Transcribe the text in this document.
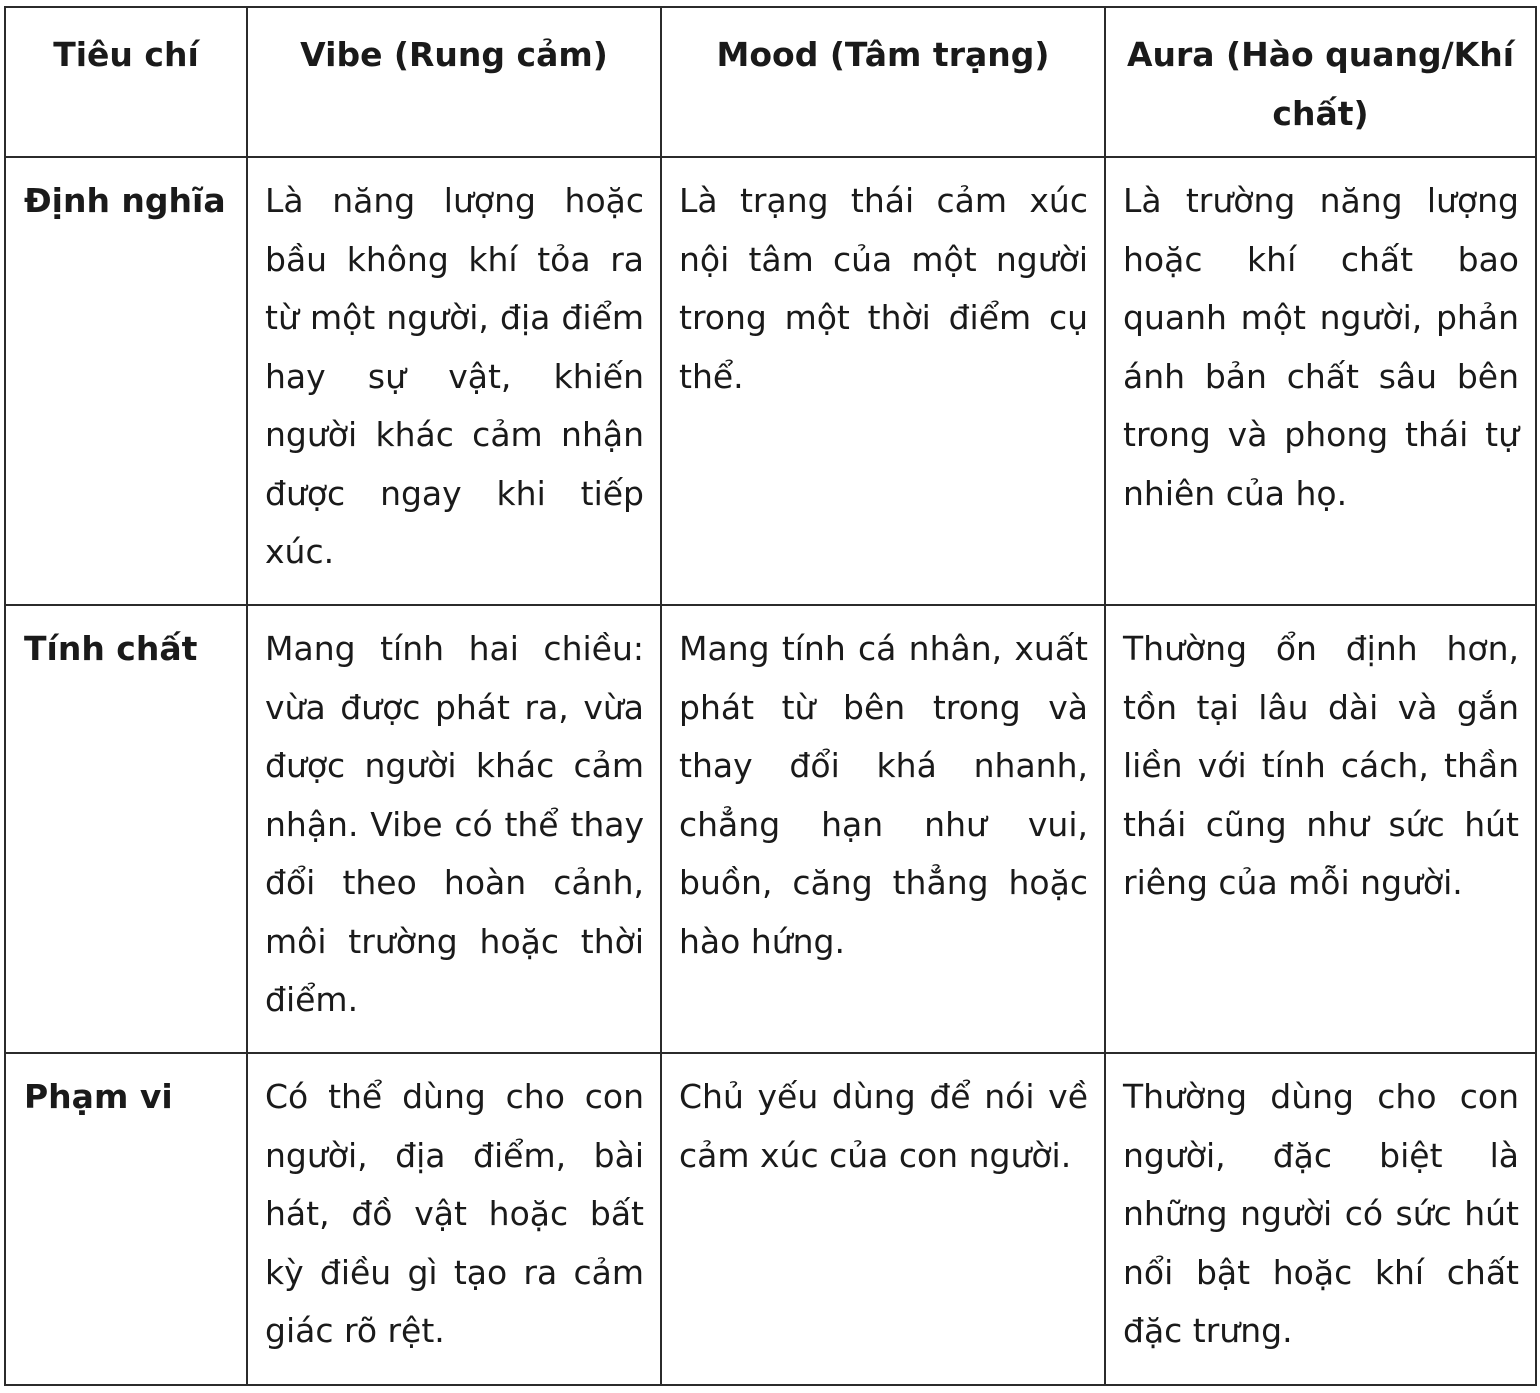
Tiêu chí	Vibe (Rung cảm)	Mood (Tâm trạng)	Aura (Hào quang/Khí chất)
Định nghĩa	Là năng lượng hoặc bầu không khí tỏa ra từ một người, địa điểm hay sự vật, khiến người khác cảm nhận được ngay khi tiếp xúc.	Là trạng thái cảm xúc nội tâm của một người trong một thời điểm cụ thể.	Là trường năng lượng hoặc khí chất bao quanh một người, phản ánh bản chất sâu bên trong và phong thái tự nhiên của họ.
Tính chất	Mang tính hai chiều: vừa được phát ra, vừa được người khác cảm nhận. Vibe có thể thay đổi theo hoàn cảnh, môi trường hoặc thời điểm.	Mang tính cá nhân, xuất phát từ bên trong và thay đổi khá nhanh, chẳng hạn như vui, buồn, căng thẳng hoặc hào hứng.	Thường ổn định hơn, tồn tại lâu dài và gắn liền với tính cách, thần thái cũng như sức hút riêng của mỗi người.
Phạm vi	Có thể dùng cho con người, địa điểm, bài hát, đồ vật hoặc bất kỳ điều gì tạo ra cảm giác rõ rệt.	Chủ yếu dùng để nói về cảm xúc của con người.	Thường dùng cho con người, đặc biệt là những người có sức hút nổi bật hoặc khí chất đặc trưng.
